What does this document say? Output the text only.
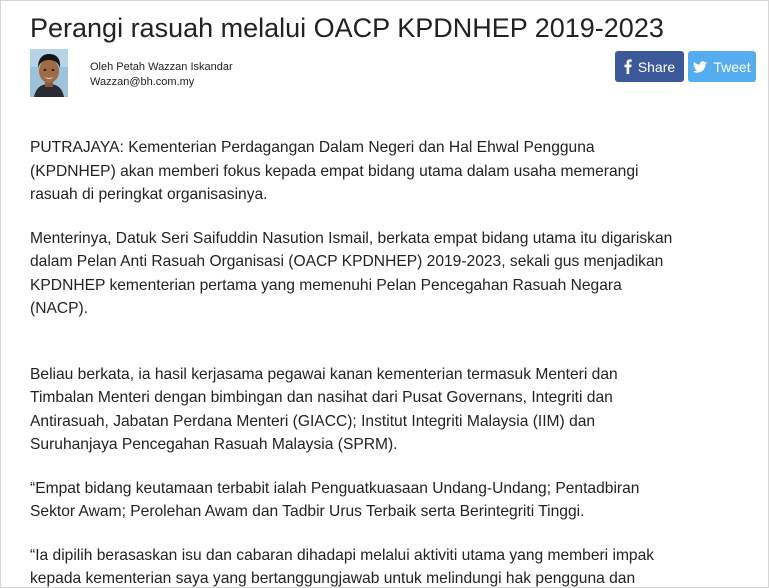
Perangi rasuah melalui OACP KPDNHEP 2019-2023
Oleh Petah Wazzan Iskandar
Wazzan@bh.com.my
Share	Tweet

PUTRAJAYA: Kementerian Perdagangan Dalam Negeri dan Hal Ehwal Pengguna

(KPDNHEP) akan memberi fokus kepada empat bidang utama dalam usaha memerangi

rasuah di peringkat organisasinya.

Menterinya, Datuk Seri Saifuddin Nasution Ismail, berkata empat bidang utama itu digariskan

dalam Pelan Anti Rasuah Organisasi (OACP KPDNHEP) 2019-2023, sekali gus menjadikan

KPDNHEP kementerian pertama yang memenuhi Pelan Pencegahan Rasuah Negara

(NACP).

Beliau berkata, ia hasil kerjasama pegawai kanan kementerian termasuk Menteri dan

Timbalan Menteri dengan bimbingan dan nasihat dari Pusat Governans, Integriti dan

Antirasuah, Jabatan Perdana Menteri (GIACC); Institut Integriti Malaysia (IIM) dan

Suruhanjaya Pencegahan Rasuah Malaysia (SPRM).

“Empat bidang keutamaan terbabit ialah Penguatkuasaan Undang-Undang; Pentadbiran

Sektor Awam; Perolehan Awam dan Tadbir Urus Terbaik serta Berintegriti Tinggi.

“Ia dipilih berasaskan isu dan cabaran dihadapi melalui aktiviti utama yang memberi impak

kepada kementerian saya yang bertanggungjawab untuk melindungi hak pengguna dan
